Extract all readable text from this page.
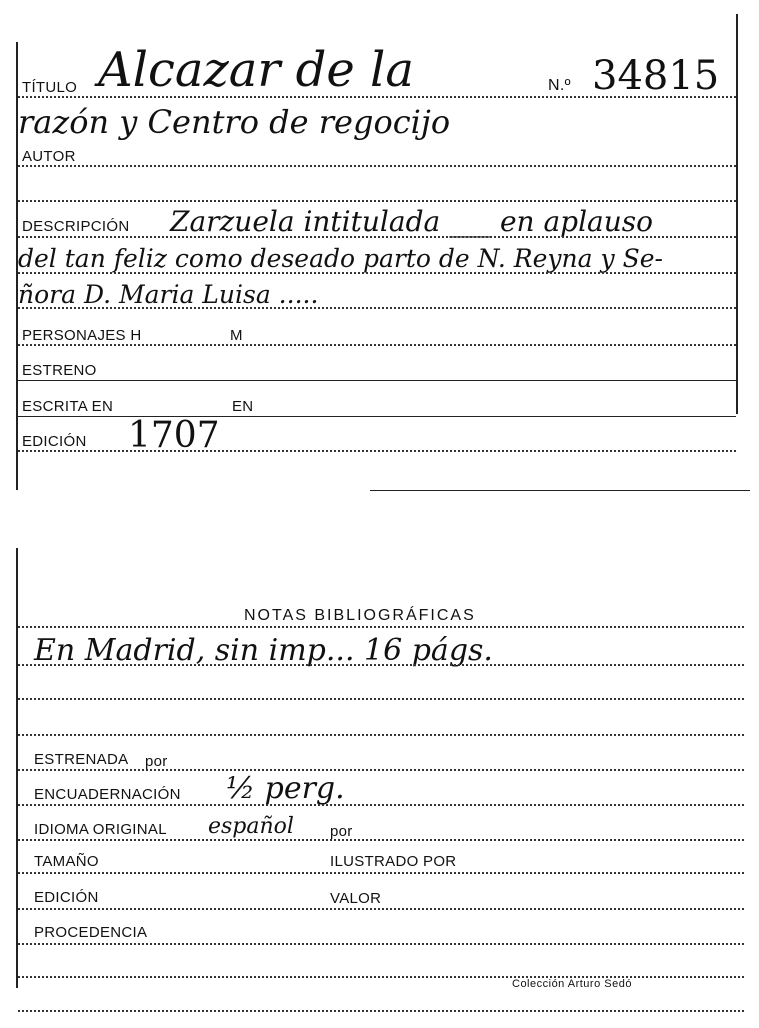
TÍTULO Alcazar de la	N.º 34815
razón y Centro de regocijo
AUTOR
DESCRIPCIÓN Zarzuela intitulada ___ en aplauso
del tan feliz como deseado parto de N. Reyna y Se-
ñora D. Maria Luisa .....
PERSONAJES H	M
ESTRENO
ESCRITA EN	EN
EDICIÓN 1707
NOTAS BIBLIOGRÁFICAS
En Madrid, sin imp... 16 págs.
ESTRENADA por
ENCUADERNACIÓN ½ perg.
IDIOMA ORIGINAL español por
TAMAÑO	ILUSTRADO POR
EDICIÓN	VALOR
PROCEDENCIA
Colección Arturo Sedó
